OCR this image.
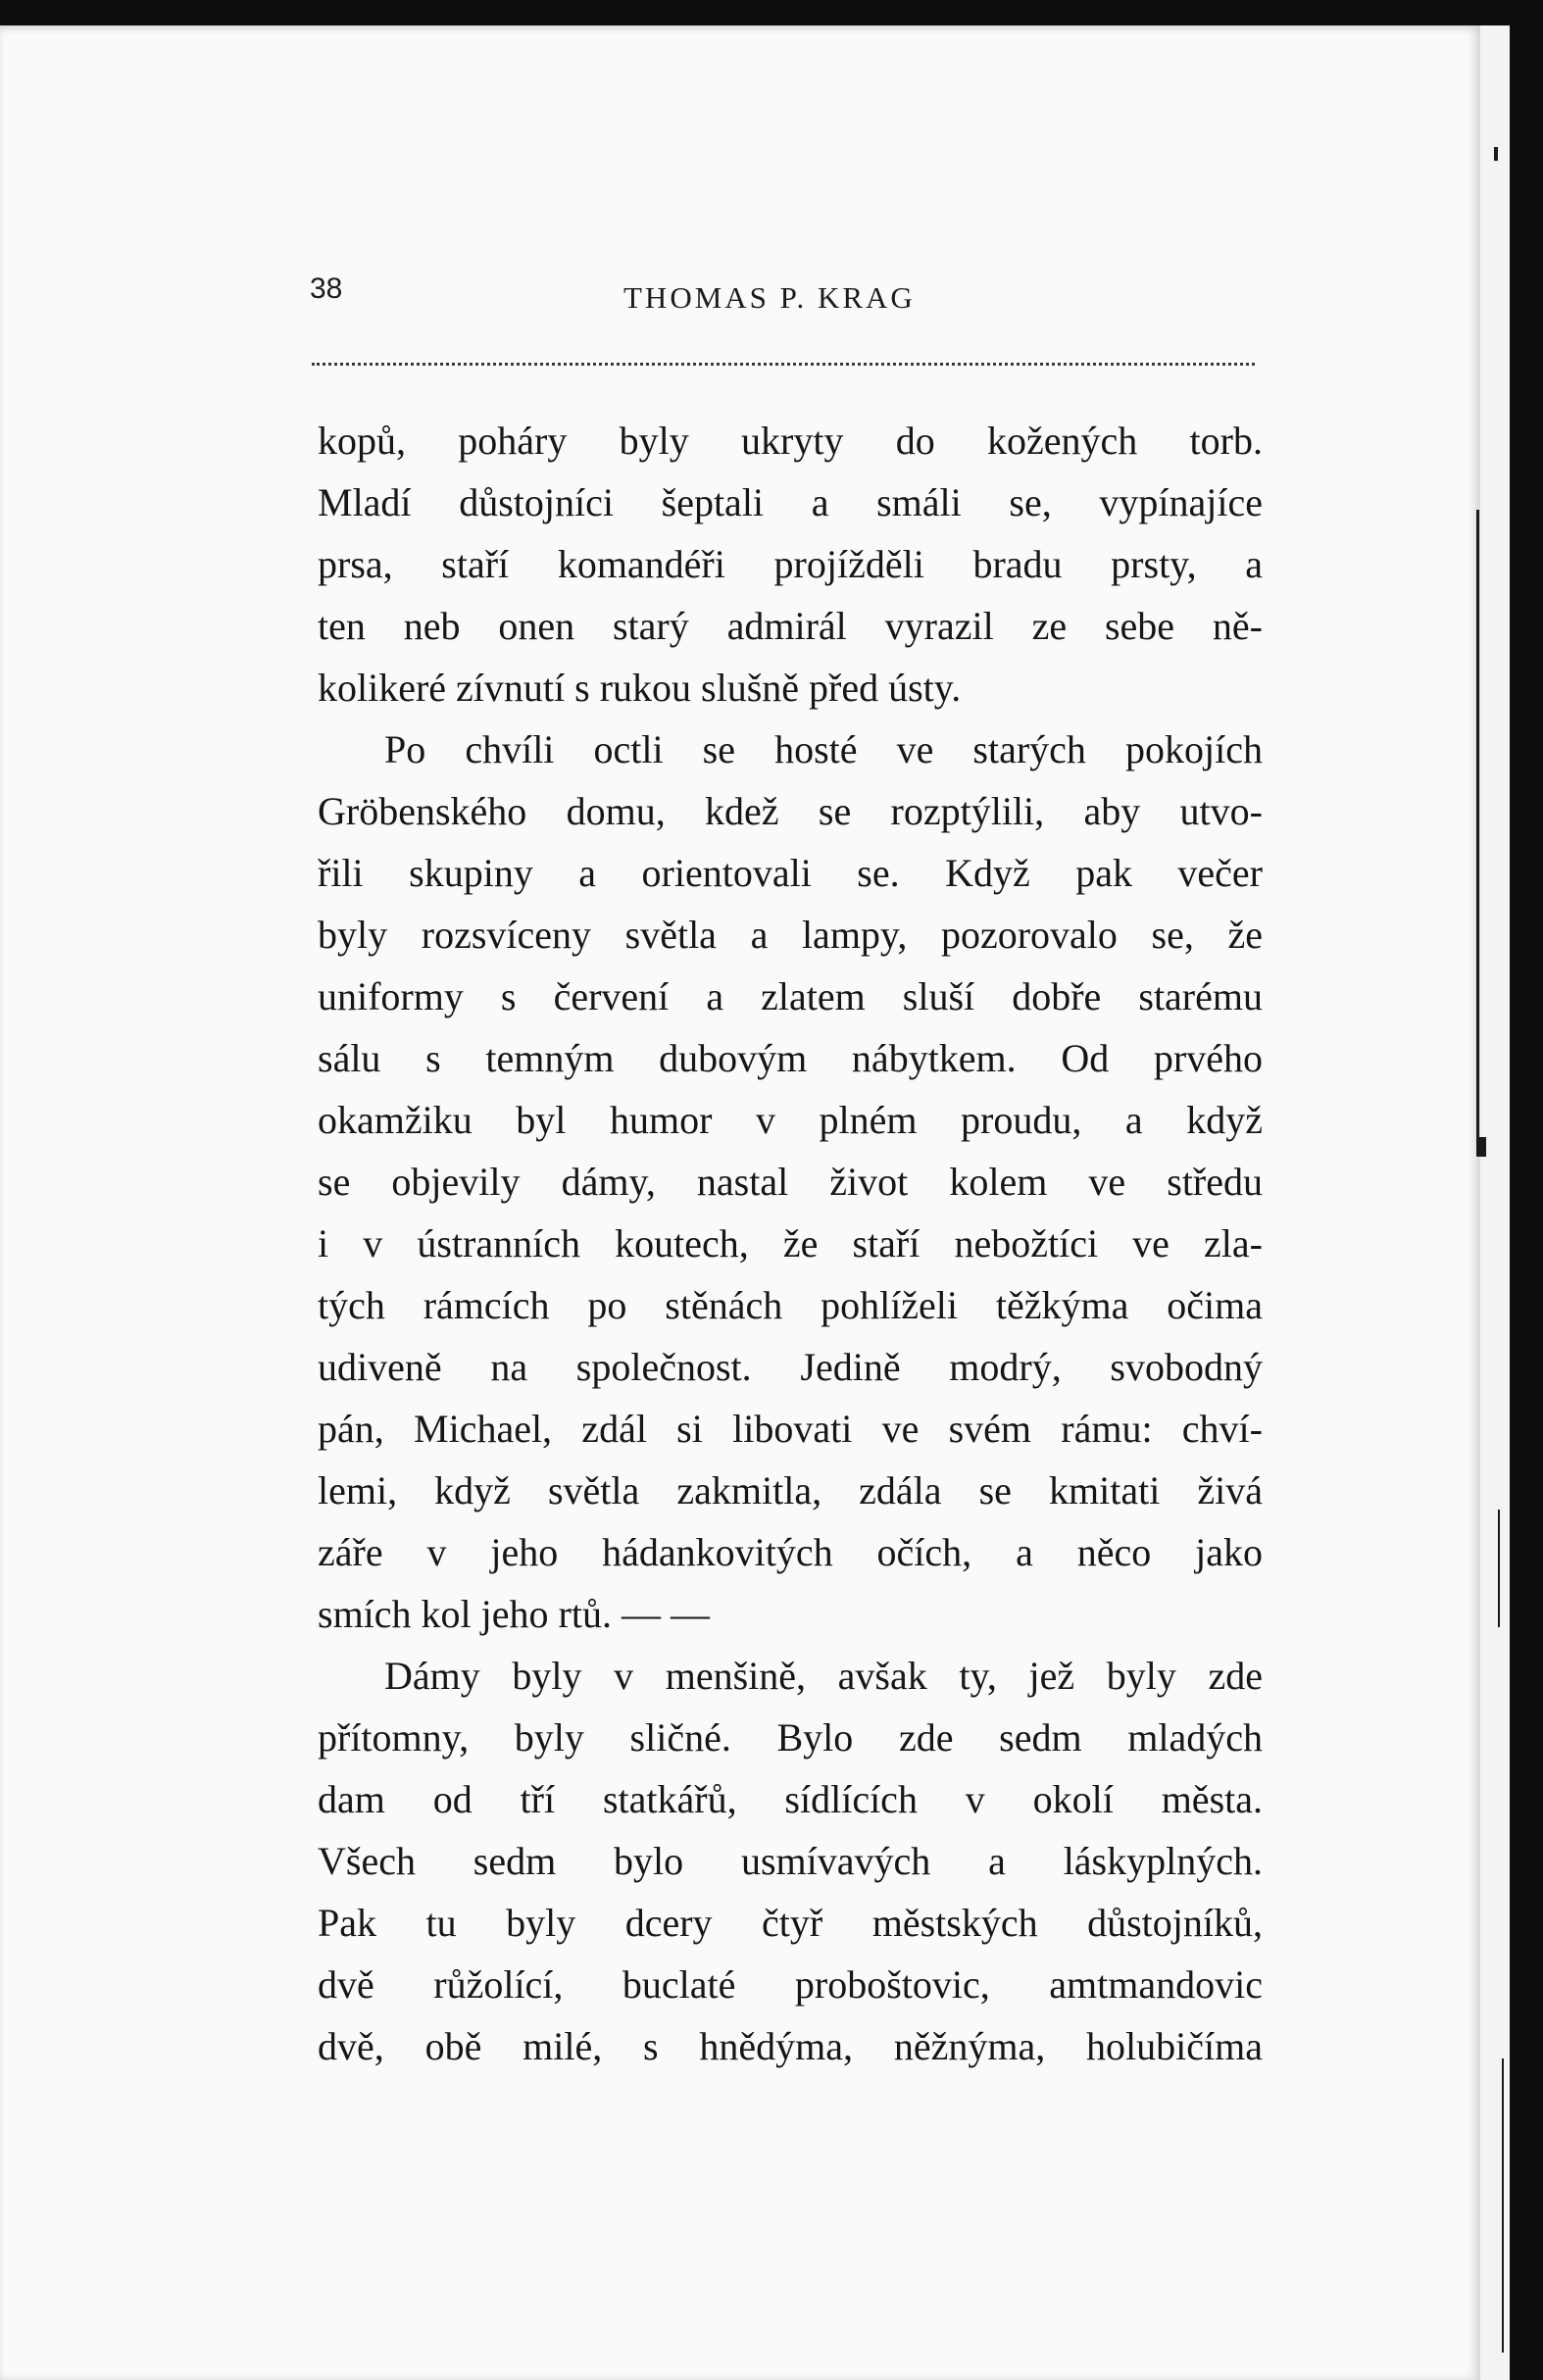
38	THOMAS P. KRAG
kopů, poháry byly ukryty do kožených torb.
Mladí důstojníci šeptali a smáli se, vypínajíce
prsa, staří komandéři projížděli bradu prsty, a
ten neb onen starý admirál vyrazil ze sebe ně-
kolikeré zívnutí s rukou slušně před ústy.
Po chvíli octli se hosté ve starých pokojích
Gröbenského domu, kdež se rozptýlili, aby utvo-
řili skupiny a orientovali se. Když pak večer
byly rozsvíceny světla a lampy, pozorovalo se, že
uniformy s červení a zlatem sluší dobře starému
sálu s temným dubovým nábytkem. Od prvého
okamžiku byl humor v plném proudu, a když
se objevily dámy, nastal život kolem ve středu
i v ústranních koutech, že staří nebožtíci ve zla-
tých rámcích po stěnách pohlíželi těžkýma očima
udiveně na společnost. Jedině modrý, svobodný
pán, Michael, zdál si libovati ve svém rámu: chví-
lemi, když světla zakmitla, zdála se kmitati živá
záře v jeho hádankovitých očích, a něco jako
smích kol jeho rtů. — —
Dámy byly v menšině, avšak ty, jež byly zde
přítomny, byly sličné. Bylo zde sedm mladých
dam od tří statkářů, sídlících v okolí města.
Všech sedm bylo usmívavých a láskyplných.
Pak tu byly dcery čtyř městských důstojníků,
dvě růžolící, buclaté proboštovic, amtmandovic
dvě, obě milé, s hnědýma, něžnýma, holubičíma
